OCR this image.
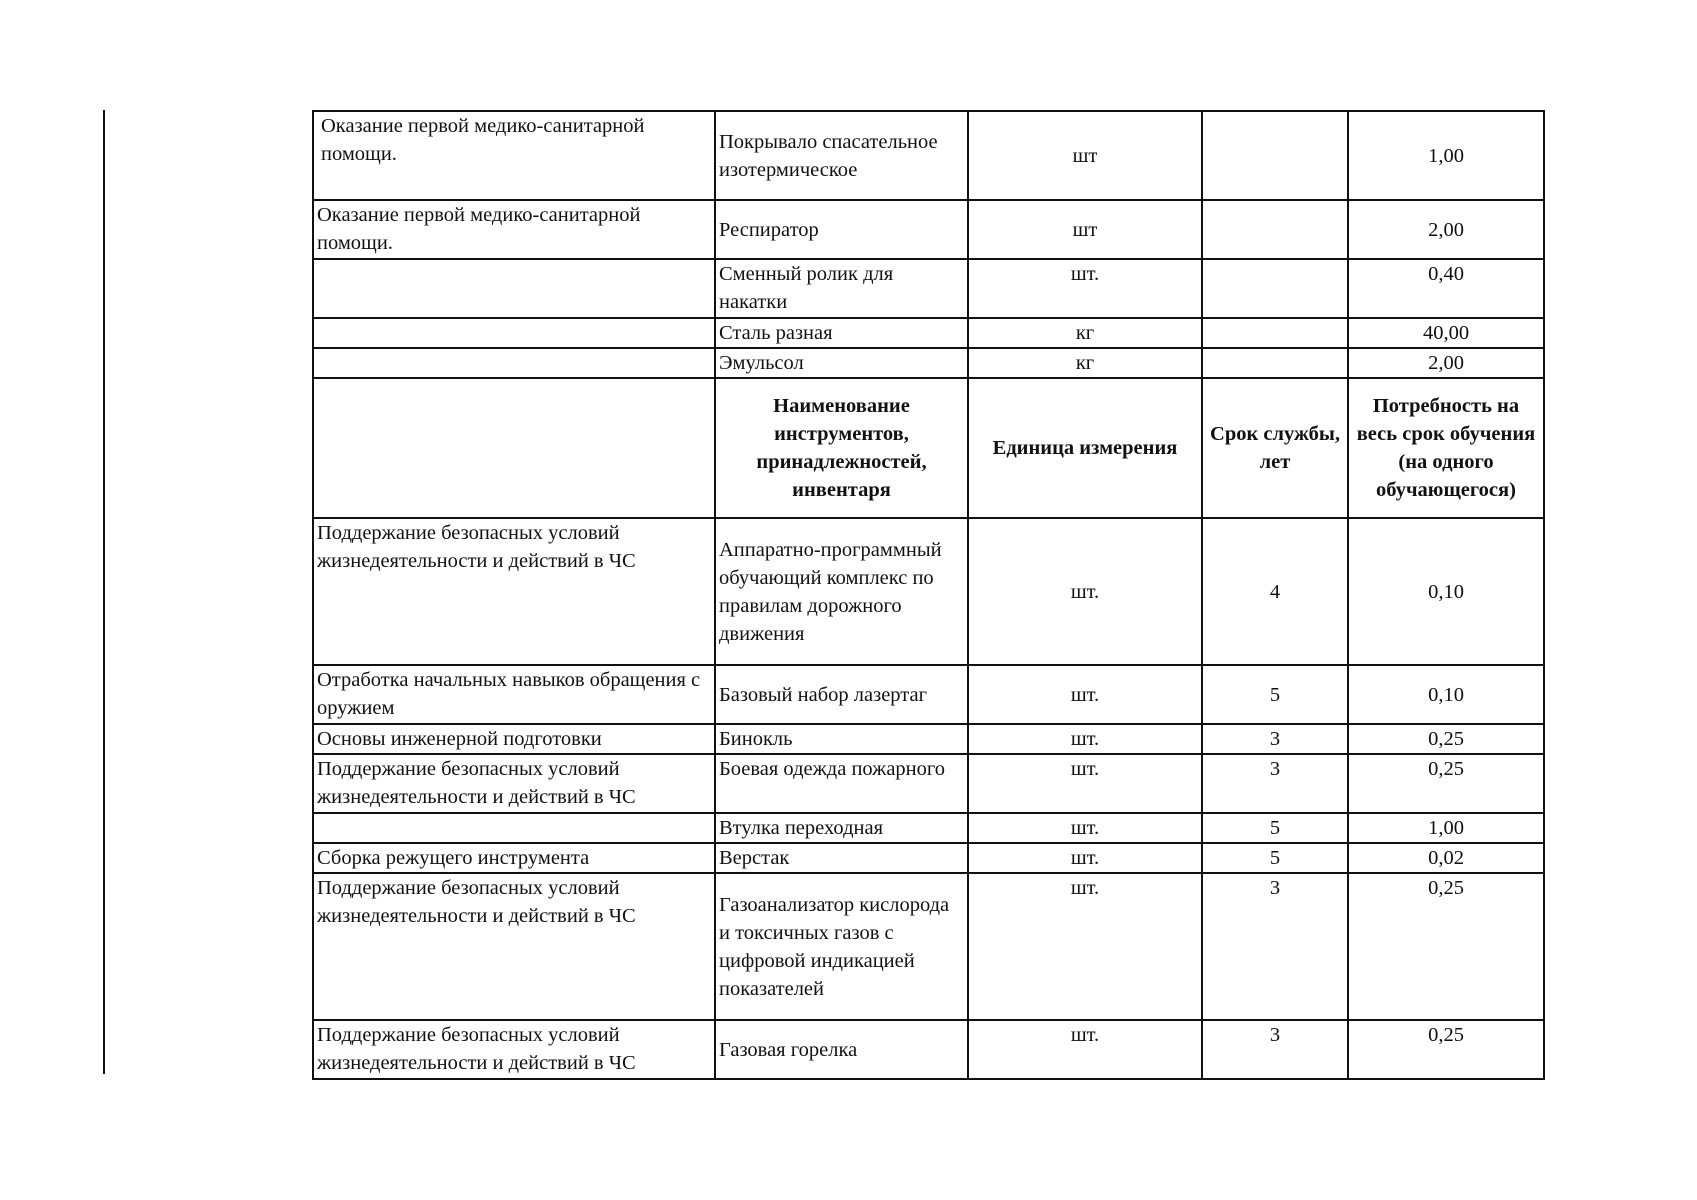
Оказание первой медико-санитарной помощи.	Покрывало спасательное изотермическое	шт		1,00
Оказание первой медико-санитарной помощи.	Респиратор	шт		2,00
	Сменный ролик для накатки	шт.		0,40
	Сталь разная	кг		40,00
	Эмульсол	кг		2,00
	Наименование инструментов, принадлежностей, инвентаря	Единица измерения	Срок службы, лет	Потребность на весь срок обучения (на одного обучающегося)
Поддержание безопасных условий жизнедеятельности и действий в ЧС	Аппаратно-программный обучающий комплекс по правилам дорожного движения	шт.	4	0,10
Отработка начальных навыков обращения с оружием	Базовый набор лазертаг	шт.	5	0,10
Основы инженерной подготовки	Бинокль	шт.	3	0,25
Поддержание безопасных условий жизнедеятельности и действий в ЧС	Боевая одежда пожарного	шт.	3	0,25
	Втулка переходная	шт.	5	1,00
Сборка режущего инструмента	Верстак	шт.	5	0,02
Поддержание безопасных условий жизнедеятельности и действий в ЧС	Газоанализатор кислорода и токсичных газов с цифровой индикацией показателей	шт.	3	0,25
Поддержание безопасных условий жизнедеятельности и действий в ЧС	Газовая горелка	шт.	3	0,25
